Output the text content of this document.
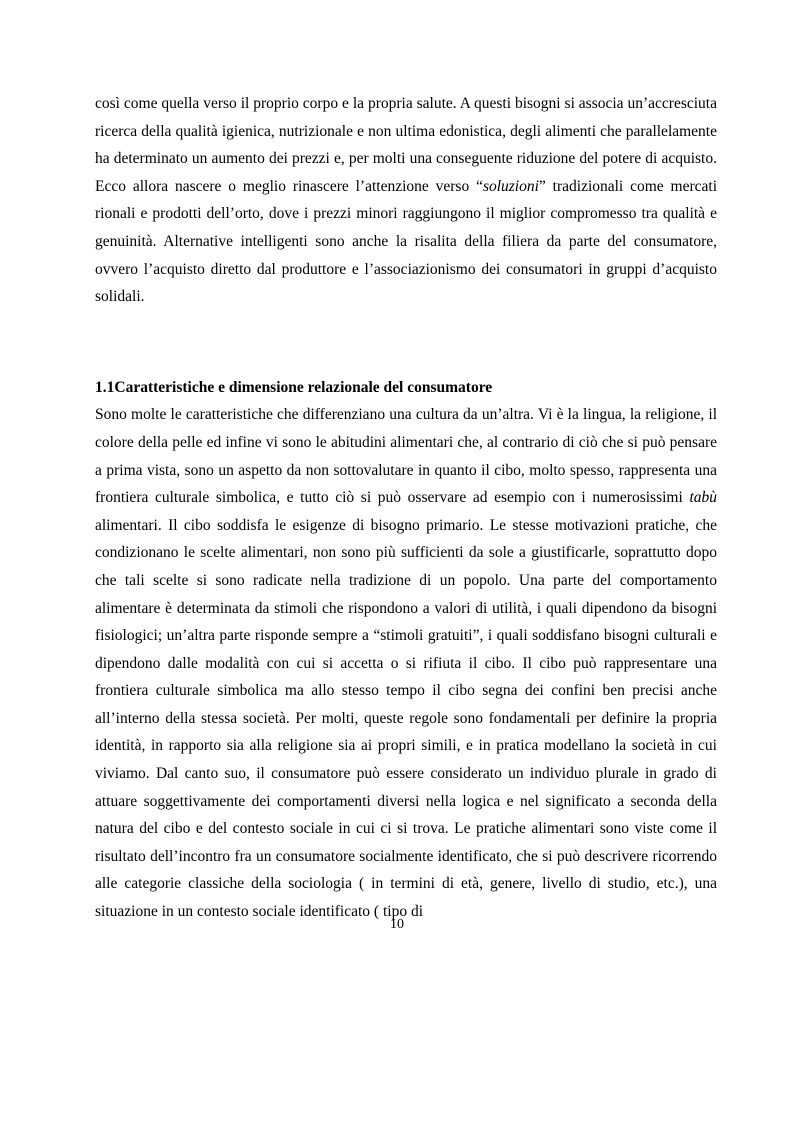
così come quella verso il proprio corpo e la propria salute. A questi bisogni si associa un’accresciuta ricerca della qualità igienica, nutrizionale e non ultima edonistica, degli alimenti che parallelamente ha determinato un aumento dei prezzi e, per molti una conseguente riduzione del potere di acquisto. Ecco allora nascere o meglio rinascere l’attenzione verso “soluzioni” tradizionali come mercati rionali e prodotti dell’orto, dove i prezzi minori raggiungono il miglior compromesso tra qualità e genuinità. Alternative intelligenti sono anche la risalita della filiera da parte del consumatore, ovvero l’acquisto diretto dal produttore e l’associazionismo dei consumatori in gruppi d’acquisto solidali.

1.1Caratteristiche e dimensione relazionale del consumatore

Sono molte le caratteristiche che differenziano una cultura da un’altra. Vi è la lingua, la religione, il colore della pelle ed infine vi sono le abitudini alimentari che, al contrario di ciò che si può pensare a prima vista, sono un aspetto da non sottovalutare in quanto il cibo, molto spesso, rappresenta una frontiera culturale simbolica, e tutto ciò si può osservare ad esempio con i numerosissimi tabù alimentari. Il cibo soddisfa le esigenze di bisogno primario. Le stesse motivazioni pratiche, che condizionano le scelte alimentari, non sono più sufficienti da sole a giustificarle, soprattutto dopo che tali scelte si sono radicate nella tradizione di un popolo. Una parte del comportamento alimentare è determinata da stimoli che rispondono a valori di utilità, i quali dipendono da bisogni fisiologici; un’altra parte risponde sempre a “stimoli gratuiti”, i quali soddisfano bisogni culturali e dipendono dalle modalità con cui si accetta o si rifiuta il cibo. Il cibo può rappresentare una frontiera culturale simbolica ma allo stesso tempo il cibo segna dei confini ben precisi anche all’interno della stessa società. Per molti, queste regole sono fondamentali per definire la propria identità, in rapporto sia alla religione sia ai propri simili, e in pratica modellano la società in cui viviamo. Dal canto suo, il consumatore può essere considerato un individuo plurale in grado di attuare soggettivamente dei comportamenti diversi nella logica e nel significato a seconda della natura del cibo e del contesto sociale in cui ci si trova. Le pratiche alimentari sono viste come il risultato dell’incontro fra un consumatore socialmente identificato, che si può descrivere ricorrendo alle categorie classiche della sociologia ( in termini di età, genere, livello di studio, etc.), una situazione in un contesto sociale identificato ( tipo di

10
